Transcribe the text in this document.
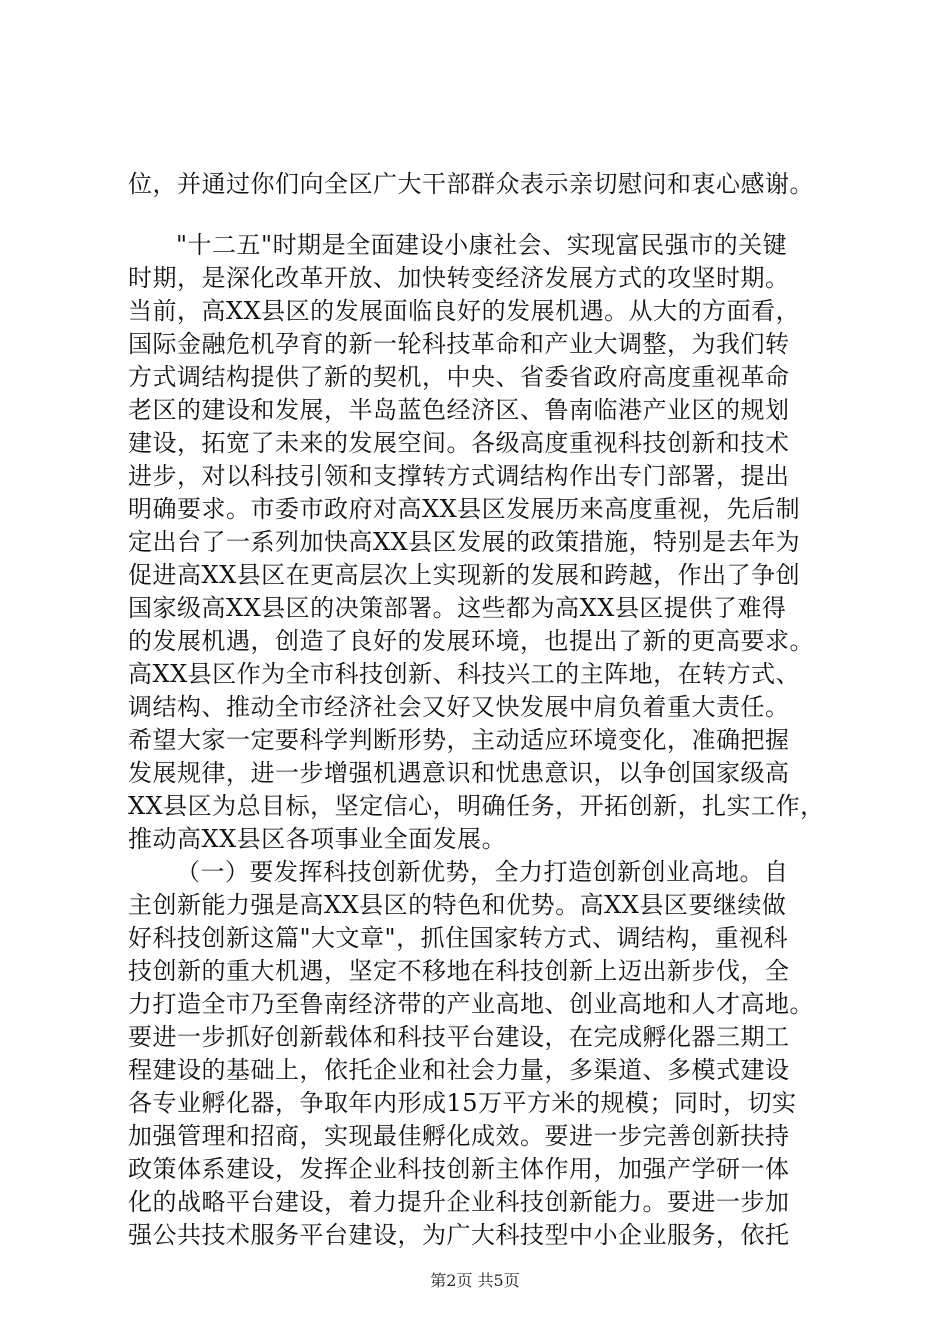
位，并通过你们向全区广大干部群众表示亲切慰问和衷心感谢。
"十二五"时期是全面建设小康社会、实现富民强市的关键
时期，是深化改革开放、加快转变经济发展方式的攻坚时期。
当前，高XX县区的发展面临良好的发展机遇。从大的方面看，
国际金融危机孕育的新一轮科技革命和产业大调整，为我们转
方式调结构提供了新的契机，中央、省委省政府高度重视革命
老区的建设和发展，半岛蓝色经济区、鲁南临港产业区的规划
建设，拓宽了未来的发展空间。各级高度重视科技创新和技术
进步，对以科技引领和支撑转方式调结构作出专门部署，提出
明确要求。市委市政府对高XX县区发展历来高度重视，先后制
定出台了一系列加快高XX县区发展的政策措施，特别是去年为
促进高XX县区在更高层次上实现新的发展和跨越，作出了争创
国家级高XX县区的决策部署。这些都为高XX县区提供了难得
的发展机遇，创造了良好的发展环境，也提出了新的更高要求。
高XX县区作为全市科技创新、科技兴工的主阵地，在转方式、
调结构、推动全市经济社会又好又快发展中肩负着重大责任。
希望大家一定要科学判断形势，主动适应环境变化，准确把握
发展规律，进一步增强机遇意识和忧患意识，以争创国家级高
XX县区为总目标，坚定信心，明确任务，开拓创新，扎实工作，
推动高XX县区各项事业全面发展。
（一）要发挥科技创新优势，全力打造创新创业高地。自
主创新能力强是高XX县区的特色和优势。高XX县区要继续做
好科技创新这篇"大文章"，抓住国家转方式、调结构，重视科
技创新的重大机遇，坚定不移地在科技创新上迈出新步伐，全
力打造全市乃至鲁南经济带的产业高地、创业高地和人才高地。
要进一步抓好创新载体和科技平台建设，在完成孵化器三期工
程建设的基础上，依托企业和社会力量，多渠道、多模式建设
各专业孵化器，争取年内形成15万平方米的规模；同时，切实
加强管理和招商，实现最佳孵化成效。要进一步完善创新扶持
政策体系建设，发挥企业科技创新主体作用，加强产学研一体
化的战略平台建设，着力提升企业科技创新能力。要进一步加
强公共技术服务平台建设，为广大科技型中小企业服务，依托
第2页 共5页
